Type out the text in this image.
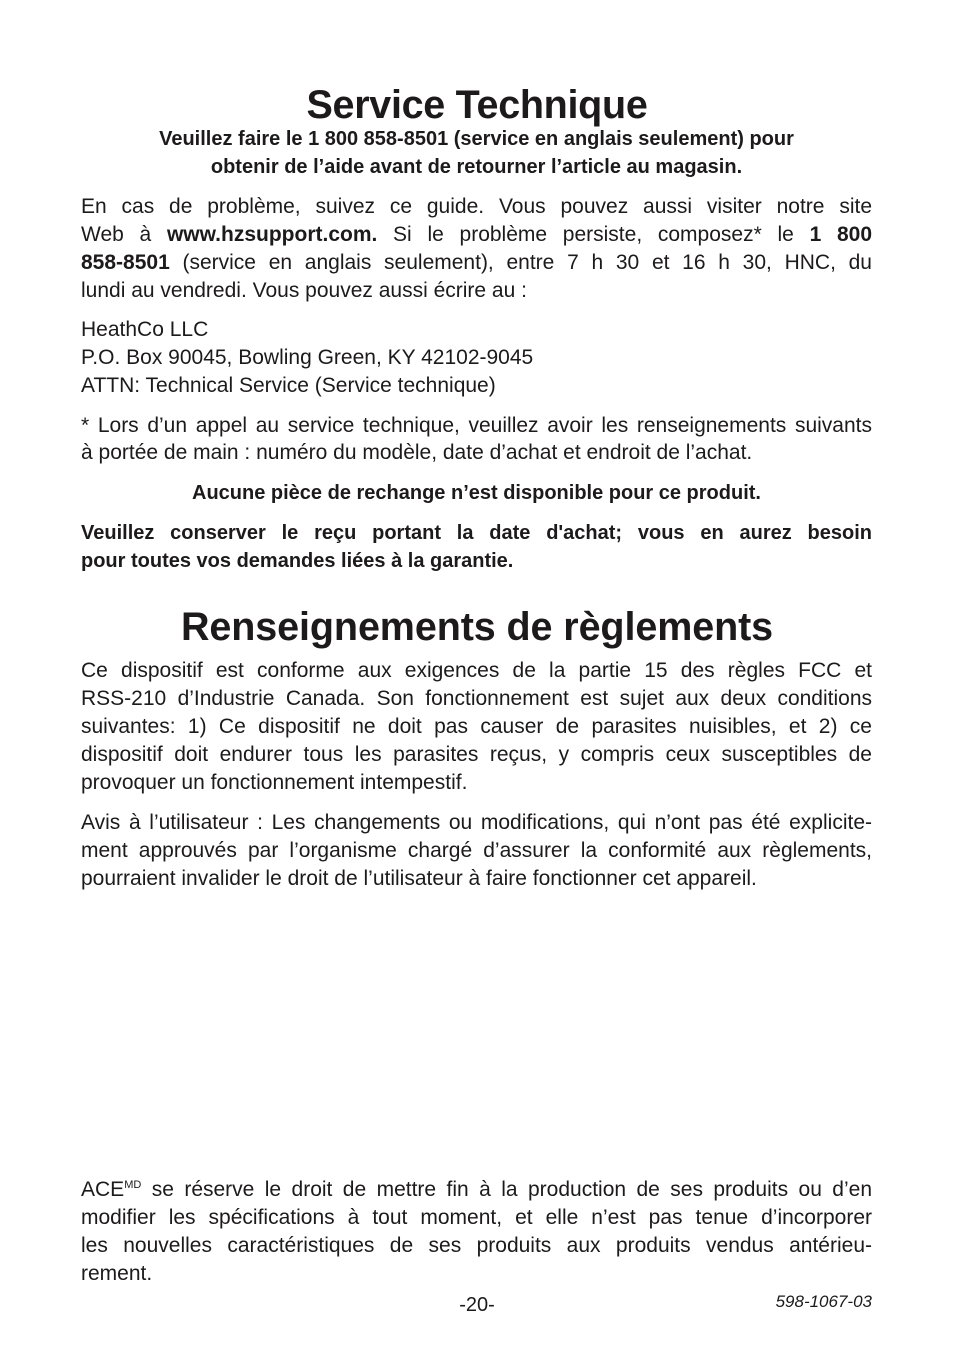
Service Technique
Veuillez faire le 1 800 858-8501 (service en anglais seulement) pour
obtenir de l’aide avant de retourner l’article au magasin.
En cas de problème, suivez ce guide. Vous pouvez aussi visiter notre site
Web à www.hzsupport.com. Si le problème persiste, composez* le 1 800
858-8501 (service en anglais seulement), entre 7 h 30 et 16 h 30, HNC, du
lundi au vendredi. Vous pouvez aussi écrire au :
HeathCo LLC
P.O. Box 90045, Bowling Green, KY 42102-9045
ATTN: Technical Service (Service technique)
* Lors d’un appel au service technique, veuillez avoir les renseignements suivants
à portée de main : numéro du modèle, date d’achat et endroit de l’achat.
Aucune pièce de rechange n’est disponible pour ce produit.
Veuillez conserver le reçu portant la date d'achat; vous en aurez besoin
pour toutes vos demandes liées à la garantie.
Renseignements de règlements
Ce dispositif est conforme aux exigences de la partie 15 des règles FCC et
RSS-210 d’Industrie Canada. Son fonctionnement est sujet aux deux conditions
suivantes: 1) Ce dispositif ne doit pas causer de parasites nuisibles, et 2) ce
dispositif doit endurer tous les parasites reçus, y compris ceux susceptibles de
provoquer un fonctionnement intempestif.
Avis à l’utilisateur : Les changements ou modifications, qui n’ont pas été explicite-
ment approuvés par l’organisme chargé d’assurer la conformité aux règlements,
pourraient invalider le droit de l’utilisateur à faire fonctionner cet appareil.
$ACE^{MD}$ se réserve le droit de mettre fin à la production de ses produits ou d’en
modifier les spécifications à tout moment, et elle n’est pas tenue d’incorporer
les nouvelles caractéristiques de ses produits aux produits vendus antérieu-
rement.
-20-	598-1067-03
